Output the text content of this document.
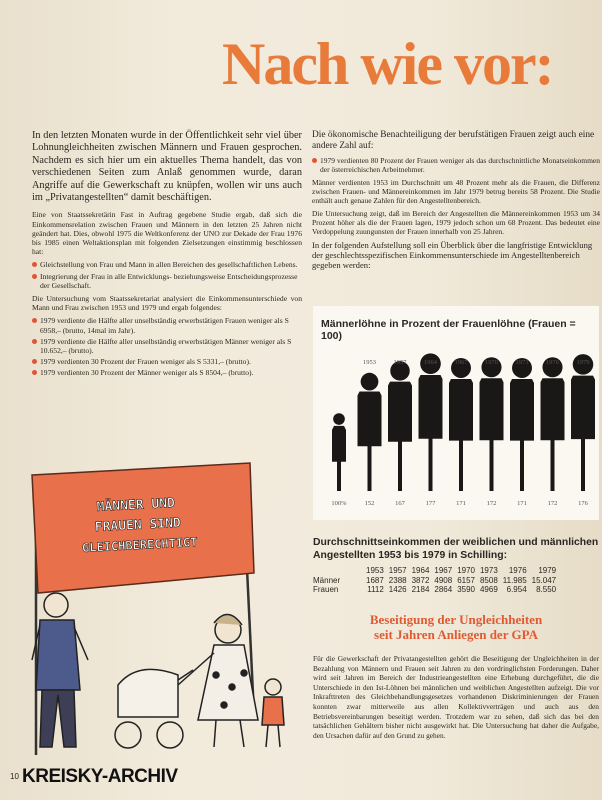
Nach wie vor:

In den letzten Monaten wurde in der Öffentlichkeit sehr viel über Lohnungleichheiten zwischen Männern und Frauen gesprochen. Nachdem es sich hier um ein aktuelles Thema handelt, das von verschiedenen Seiten zum Anlaß genommen wurde, daran Angriffe auf die Gewerkschaft zu knüpfen, wollen wir uns auch im „Privatangestellten“ damit beschäftigen.

Eine von Staatssekretärin Fast in Auftrag gegebene Studie ergab, daß sich die Einkommensrelation zwischen Frauen und Männern in den letzten 25 Jahren nicht geändert hat. Dies, obwohl 1975 die Weltkonferenz der UNO zur Dekade der Frau 1976 bis 1985 einen Weltaktionsplan mit folgenden Zielsetzungen einstimmig beschlossen hat:

Gleichstellung von Frau und Mann in allen Bereichen des gesellschaftlichen Lebens.
Integrierung der Frau in alle Entwicklungs- beziehungsweise Entscheidungsprozesse der Gesellschaft.

Die Untersuchung vom Staatssekretariat analysiert die Einkommensunterschiede von Mann und Frau zwischen 1953 und 1979 und ergab folgendes:

1979 verdiente die Hälfte aller unselbständig erwerbstätigen Frauen weniger als S 6958,– (brutto, 14mal im Jahr).
1979 verdiente die Hälfte aller unselbständig erwerbstätigen Männer weniger als S 10.652,– (brutto).
1979 verdienten 30 Prozent der Frauen weniger als S 5331,– (brutto).
1979 verdienten 30 Prozent der Männer weniger als S 8504,– (brutto).
MÄNNER UND
FRAUEN SIND
GLEICHBERECHTIGT
Die ökonomische Benachteiligung der berufstätigen Frauen zeigt auch eine andere Zahl auf:
1979 verdienten 80 Prozent der Frauen weniger als das durchschnittliche Monatseinkommen der österreichischen Arbeitnehmer.

Männer verdienten 1953 im Durchschnitt um 48 Prozent mehr als die Frauen, die Differenz zwischen Frauen- und Männereinkommen im Jahr 1979 betrug bereits 58 Prozent. Die Studie enthält auch genaue Zahlen für den Angestelltenbereich.

Die Untersuchung zeigt, daß im Bereich der Angestellten die Männereinkommen 1953 um 34 Prozent höher als die der Frauen lagen, 1979 jedoch schon um 68 Prozent. Das bedeutet eine Verdoppelung zuungunsten der Frauen innerhalb von 25 Jahren.

In der folgenden Aufstellung soll ein Überblick über die langfristige Entwicklung der geschlechtsspezifischen Einkommensunterschiede im Angestelltenbereich gegeben werden:

Männerlöhne in Prozent der Frauenlöhne (Frauen = 100)
100%
1953
152
1957
167
1964
177
1967
171
1970
172
1973
171
1976
172
1979
176
Durchschnittseinkommen der weiblichen und männlichen Angestellten 1953 bis 1979 in Schilling:
	1953	1957	1964	1967	1970	1973	1976	1979
Männer	1687	2388	3872	4908	6157	8508	11.985	15.047
Frauen	1112	1426	2184	2864	3590	4969	6.954	8.550
Beseitigung der Ungleichheiten
seit Jahren Anliegen der GPA
Für die Gewerkschaft der Privatangestellten gehört die Beseitigung der Ungleichheiten in der Bezahlung von Männern und Frauen seit Jahren zu den vordringlichsten Forderungen. Daher wird seit Jahren im Bereich der Industrieangestellten eine Erhebung durchgeführt, die die Unterschiede in den Ist-Löhnen bei männlichen und weiblichen Angestellten aufzeigt. Die vor Inkrafttreten des Gleichbehandlungsgesetzes vorhandenen Diskriminierungen der Frauen konnten zwar mitterweile aus allen Kollektivverträgen und auch aus den Betriebsvereinbarungen beseitigt werden. Trotzdem war zu sehen, daß sich das bei den tatsächlichen Gehältern bisher nicht ausgewirkt hat. Die Untersuchung hat daher die Aufgabe, den Ursachen dafür auf den Grund zu gehen.
10 KREISKY-ARCHIV
